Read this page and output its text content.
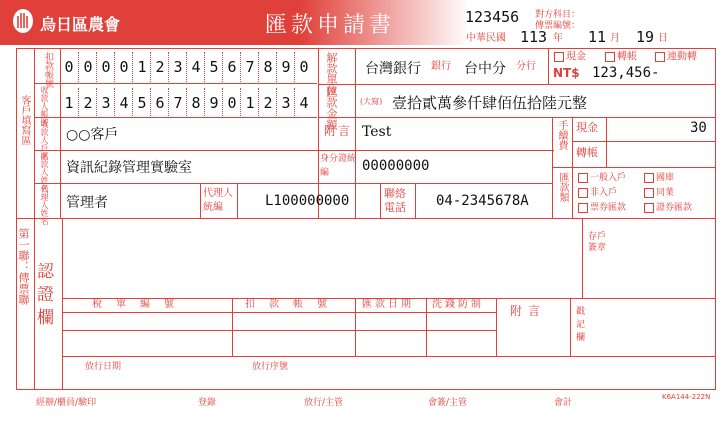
烏日區農會	匯款申請書	123456 對方科目：
傳票編號：
中華民國 113 年 11 月 19 日
客戶填寫區
第一聯：傳票聯
扣款帳號 0 0 0 0 1 2 3 4 5 6 7 8 9 0
收款人帳號 1 2 3 4 5 6 7 8 9 0 1 2 3 4
解款單位 台灣銀行 銀行 台中分 分行
現金	轉帳	連動轉
NT$ 123,456-
匯款金額	(大寫) 壹拾貳萬參仟肆佰伍拾陸元整
收款人戶名 ○○客戶	附言 Test	手續費 現金	30
轉帳
匯款類	一般入戶	國庫
非入戶	同業
票券匯款	證券匯款
匯款人姓名 資訊紀錄管理實驗室
身分證統編	00000000
代理人姓名 管理者
代理人統編	L100000000	聯絡電話	04-2345678A
認證欄
存戶簽章
稅單編號	扣款帳號 匯款日期 洗錢防制 附言	戳記欄
放行日期	放行序號
經辦/櫃員/驗印	登錄	放行/主管	會簽/主管	會計
K6A144-222N
